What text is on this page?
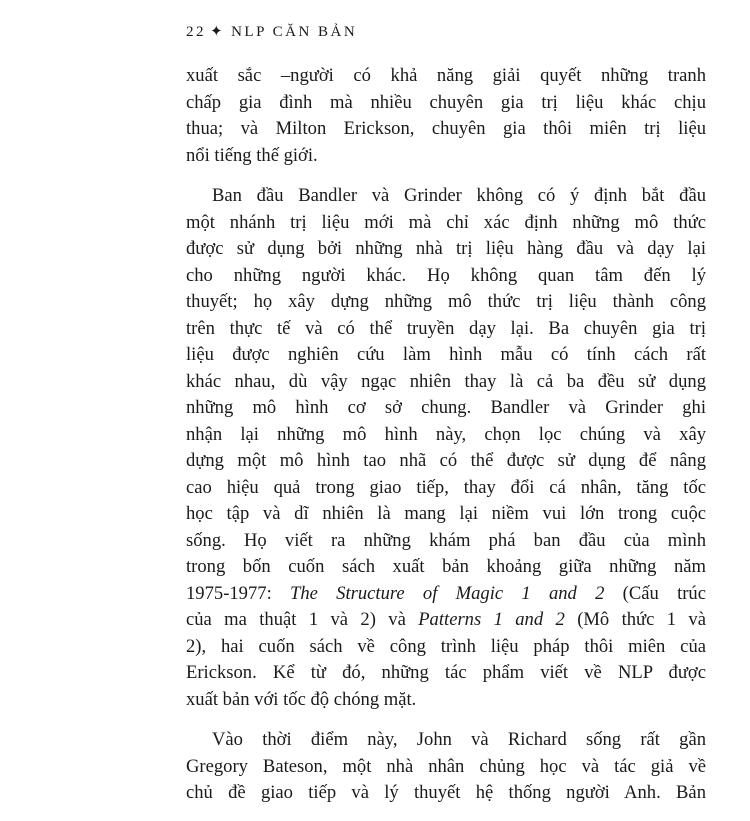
22 ✦ NLP CĂN BẢN
xuất sắc –người có khả năng giải quyết những tranh
chấp gia đình mà nhiều chuyên gia trị liệu khác chịu
thua; và Milton Erickson, chuyên gia thôi miên trị liệu
nổi tiếng thế giới.
Ban đầu Bandler và Grinder không có ý định bắt đầu
một nhánh trị liệu mới mà chỉ xác định những mô thức
được sử dụng bởi những nhà trị liệu hàng đầu và dạy lại
cho những người khác. Họ không quan tâm đến lý
thuyết; họ xây dựng những mô thức trị liệu thành công
trên thực tế và có thể truyền dạy lại. Ba chuyên gia trị
liệu được nghiên cứu làm hình mẫu có tính cách rất
khác nhau, dù vậy ngạc nhiên thay là cả ba đều sử dụng
những mô hình cơ sở chung. Bandler và Grinder ghi
nhận lại những mô hình này, chọn lọc chúng và xây
dựng một mô hình tao nhã có thể được sử dụng để nâng
cao hiệu quả trong giao tiếp, thay đổi cá nhân, tăng tốc
học tập và dĩ nhiên là mang lại niềm vui lớn trong cuộc
sống. Họ viết ra những khám phá ban đầu của mình
trong bốn cuốn sách xuất bản khoảng giữa những năm
1975-1977: The Structure of Magic 1 and 2 (Cấu trúc
của ma thuật 1 và 2) và Patterns 1 and 2 (Mô thức 1 và
2), hai cuốn sách về công trình liệu pháp thôi miên của
Erickson. Kể từ đó, những tác phẩm viết về NLP được
xuất bản với tốc độ chóng mặt.
Vào thời điểm này, John và Richard sống rất gần
Gregory Bateson, một nhà nhân chủng học và tác giả về
chủ đề giao tiếp và lý thuyết hệ thống người Anh. Bản
